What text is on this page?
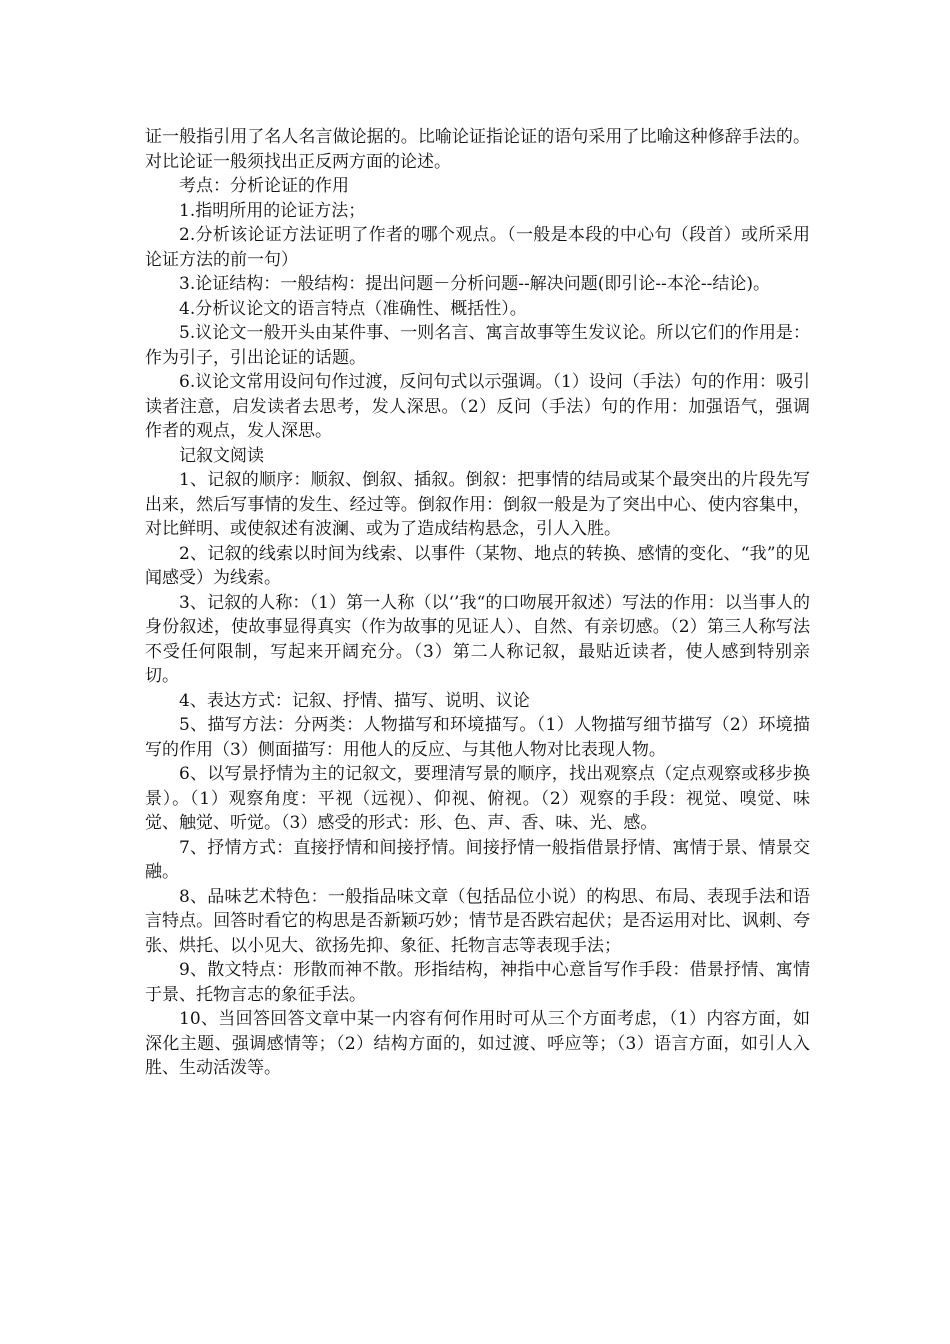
证一般指引用了名人名言做论据的。比喻论证指论证的语句采用了比喻这种修辞手法的。对比论证一般须找出正反两方面的论述。

考点：分析论证的作用

1.指明所用的论证方法；

2.分析该论证方法证明了作者的哪个观点。（一般是本段的中心句（段首）或所采用论证方法的前一句）

3.论证结构：一般结构：提出问题－分析问题--解决问题(即引论--本沦--结论)。

4.分析议论文的语言特点（准确性、概括性）。

5.议论文一般开头由某件事、一则名言、寓言故事等生发议论。所以它们的作用是：作为引子，引出论证的话题。

6.议论文常用设问句作过渡，反问句式以示强调。（1）设问（手法）句的作用：吸引读者注意，启发读者去思考，发人深思。（2）反问（手法）句的作用：加强语气，强调作者的观点，发人深思。

记叙文阅读

1、记叙的顺序：顺叙、倒叙、插叙。倒叙：把事情的结局或某个最突出的片段先写出来，然后写事情的发生、经过等。倒叙作用：倒叙一般是为了突出中心、使内容集中，对比鲜明、或使叙述有波澜、或为了造成结构悬念，引人入胜。

2、记叙的线索以时间为线索、以事件（某物、地点的转换、感情的变化、“我”的见闻感受）为线索。

3、记叙的人称：（1）第一人称（以‘’我“的口吻展开叙述）写法的作用：以当事人的身份叙述，使故事显得真实（作为故事的见证人）、自然、有亲切感。（2）第三人称写法不受任何限制，写起来开阔充分。（3）第二人称记叙，最贴近读者，使人感到特别亲切。

4、表达方式：记叙、抒情、描写、说明、议论

5、描写方法：分两类：人物描写和环境描写。（1）人物描写细节描写（2）环境描写的作用（3）侧面描写：用他人的反应、与其他人物对比表现人物。

6、以写景抒情为主的记叙文，要理清写景的顺序，找出观察点（定点观察或移步换景）。（1）观察角度：平视（远视）、仰视、俯视。（2）观察的手段：视觉、嗅觉、味觉、触觉、听觉。（3）感受的形式：形、色、声、香、味、光、感。

7、抒情方式：直接抒情和间接抒情。间接抒情一般指借景抒情、寓情于景、情景交融。

8、品味艺术特色：一般指品味文章（包括品位小说）的构思、布局、表现手法和语言特点。回答时看它的构思是否新颖巧妙；情节是否跌宕起伏；是否运用对比、讽刺、夸张、烘托、以小见大、欲扬先抑、象征、托物言志等表现手法；

9、散文特点：形散而神不散。形指结构，神指中心意旨写作手段：借景抒情、寓情于景、托物言志的象征手法。

10、当回答回答文章中某一内容有何作用时可从三个方面考虑，（1）内容方面，如深化主题、强调感情等；（2）结构方面的，如过渡、呼应等；（3）语言方面，如引人入胜、生动活泼等。
